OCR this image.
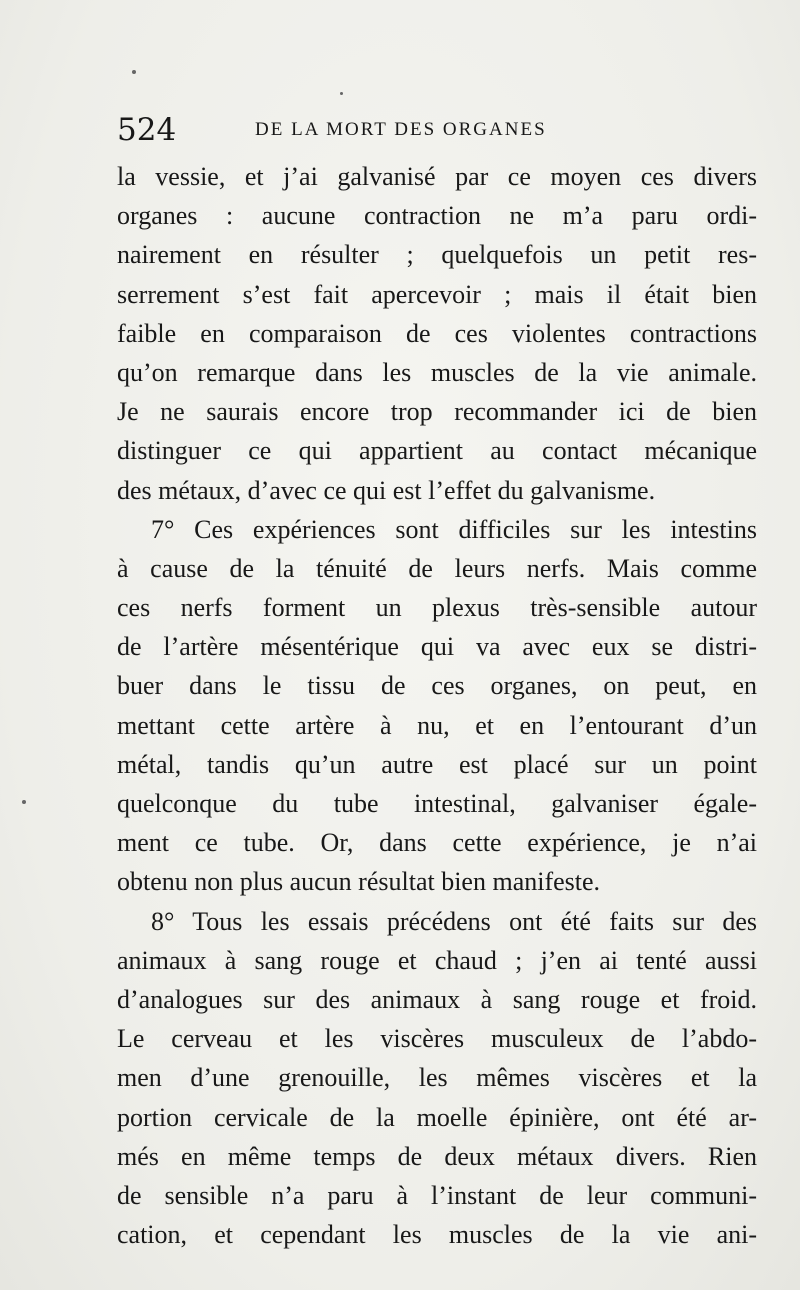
524	DE LA MORT DES ORGANES
la vessie, et j’ai galvanisé par ce moyen ces divers
organes : aucune contraction ne m’a paru ordi-
nairement en résulter ; quelquefois un petit res-
serrement s’est fait apercevoir ; mais il était bien
faible en comparaison de ces violentes contractions
qu’on remarque dans les muscles de la vie animale.
Je ne saurais encore trop recommander ici de bien
distinguer ce qui appartient au contact mécanique
des métaux, d’avec ce qui est l’effet du galvanisme.
7° Ces expériences sont difficiles sur les intestins
à cause de la ténuité de leurs nerfs. Mais comme
ces nerfs forment un plexus très-sensible autour
de l’artère mésentérique qui va avec eux se distri-
buer dans le tissu de ces organes, on peut, en
mettant cette artère à nu, et en l’entourant d’un
métal, tandis qu’un autre est placé sur un point
quelconque du tube intestinal, galvaniser égale-
ment ce tube. Or, dans cette expérience, je n’ai
obtenu non plus aucun résultat bien manifeste.
8° Tous les essais précédens ont été faits sur des
animaux à sang rouge et chaud ; j’en ai tenté aussi
d’analogues sur des animaux à sang rouge et froid.
Le cerveau et les viscères musculeux de l’abdo-
men d’une grenouille, les mêmes viscères et la
portion cervicale de la moelle épinière, ont été ar-
més en même temps de deux métaux divers. Rien
de sensible n’a paru à l’instant de leur communi-
cation, et cependant les muscles de la vie ani-
